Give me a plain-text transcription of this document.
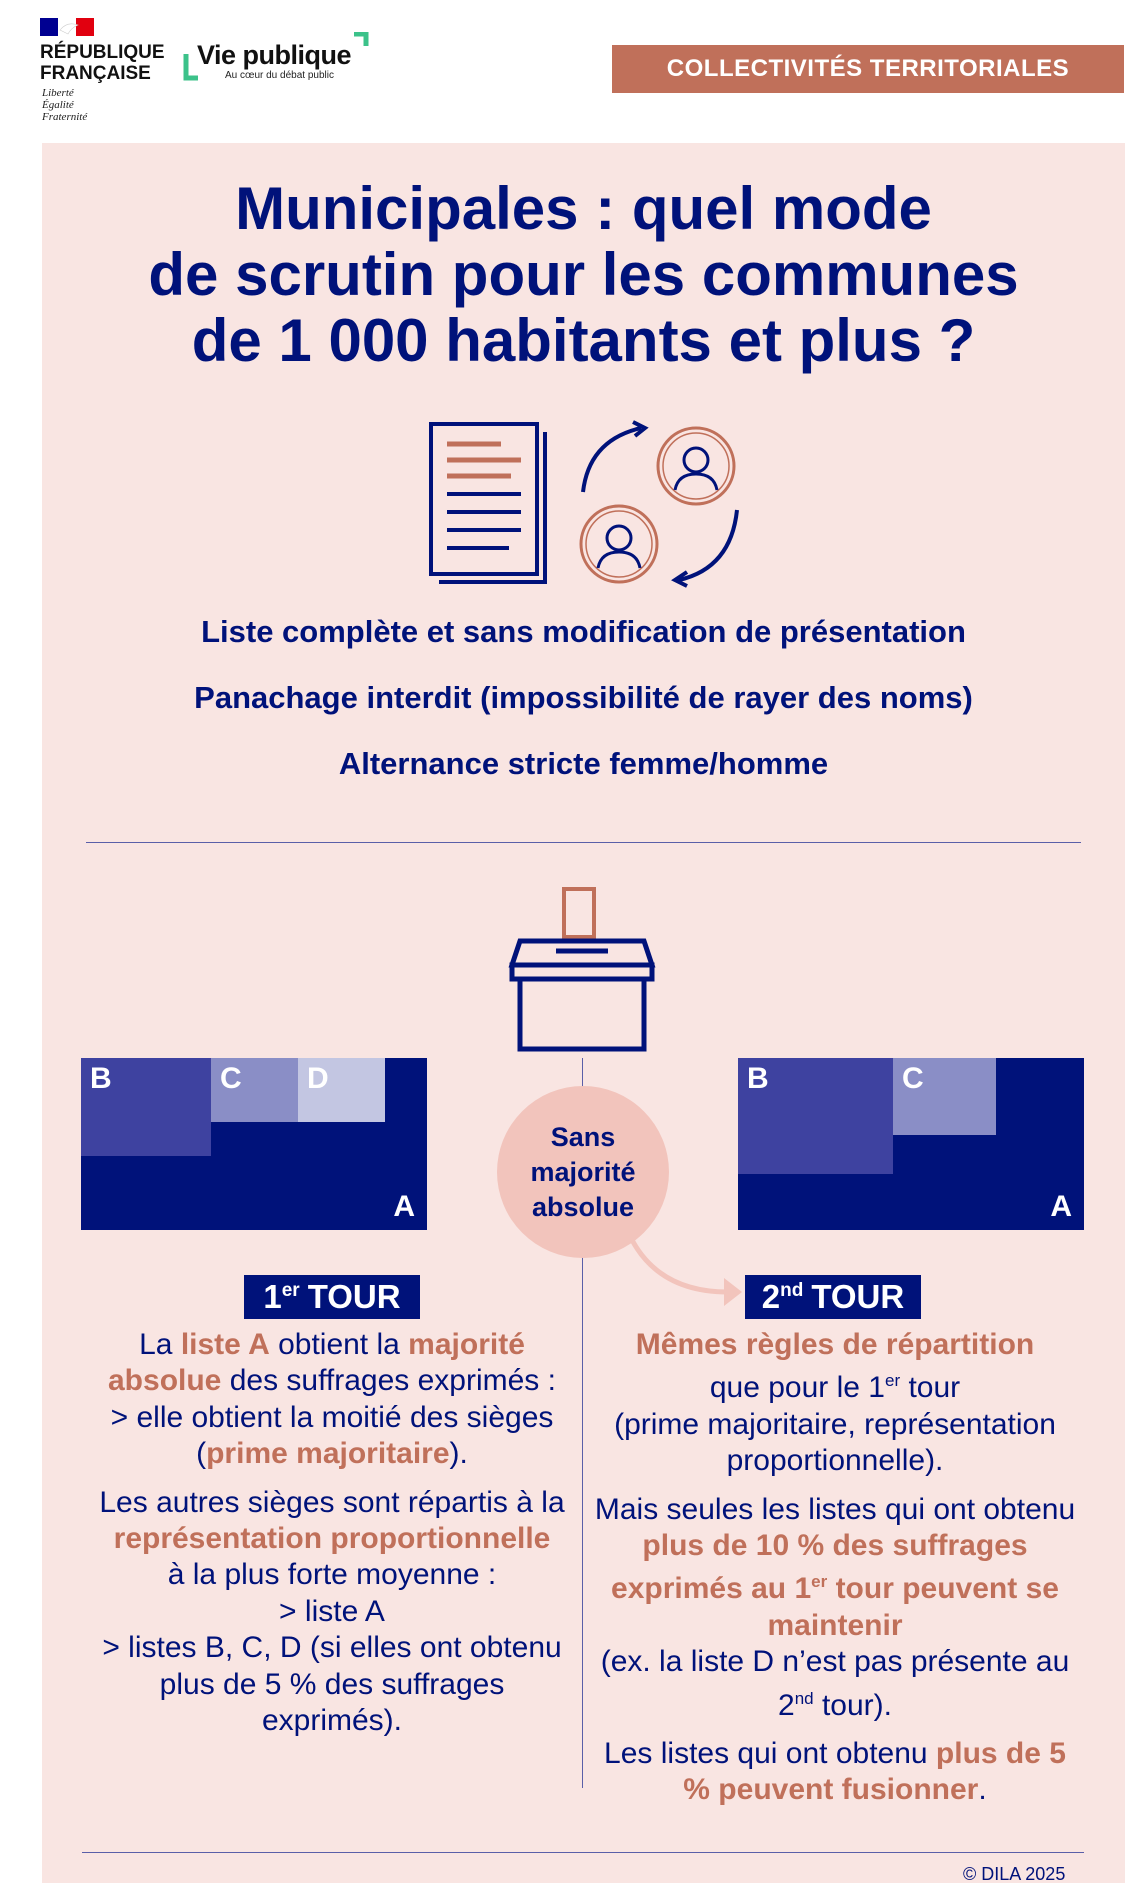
RÉPUBLIQUE
FRANÇAISE
Liberté
Égalité
Fraternité
Vie publique
Au cœur du débat public	COLLECTIVITÉS TERRITORIALES
Municipales : quel mode
de scrutin pour les communes
de 1 000 habitants et plus ?
Liste complète et sans modification de présentation
Panachage interdit (impossibilité de rayer des noms)
Alternance stricte femme/homme
B	C D
A
B	C
A
Sans
majorité
absolue
1er TOUR	2nd TOUR

La liste A obtient la majorité absolue des suffrages exprimés :
> elle obtient la moitié des sièges (prime majoritaire).

Les autres sièges sont répartis à la représentation proportionnelle
à la plus forte moyenne :
> liste A
> listes B, C, D (si elles ont obtenu plus de 5 % des suffrages exprimés).

Mêmes règles de répartition
que pour le 1er tour
(prime majoritaire, représentation proportionnelle).

Mais seules les listes qui ont obtenu plus de 10 % des suffrages exprimés au 1er tour peuvent se maintenir
(ex. la liste D n’est pas présente au 2nd tour).

Les listes qui ont obtenu plus de 5 % peuvent fusionner.

© DILA 2025
